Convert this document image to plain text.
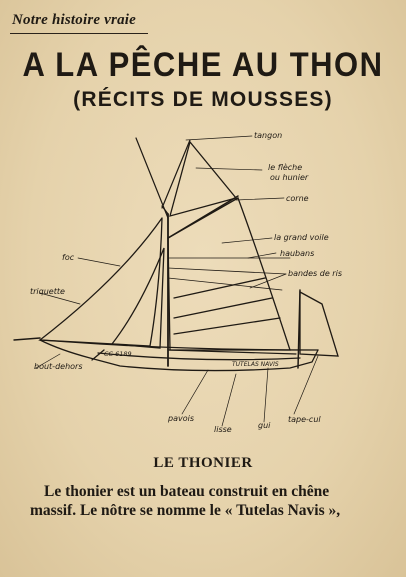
Notre histoire vraie
A LA PÊCHE AU THON
(RÉCITS DE MOUSSES)
tangon
le flèche
ou hunier
corne
la grand voile
haubans
bandes de ris
foc
triquette
bout-dehors
pavois
lisse	gui
tape-cul
CC 6189
TUTELAS NAVIS
LE THONIER
Le thonier est un bateau construit en chêne
massif. Le nôtre se nomme le « Tutelas Navis »,
